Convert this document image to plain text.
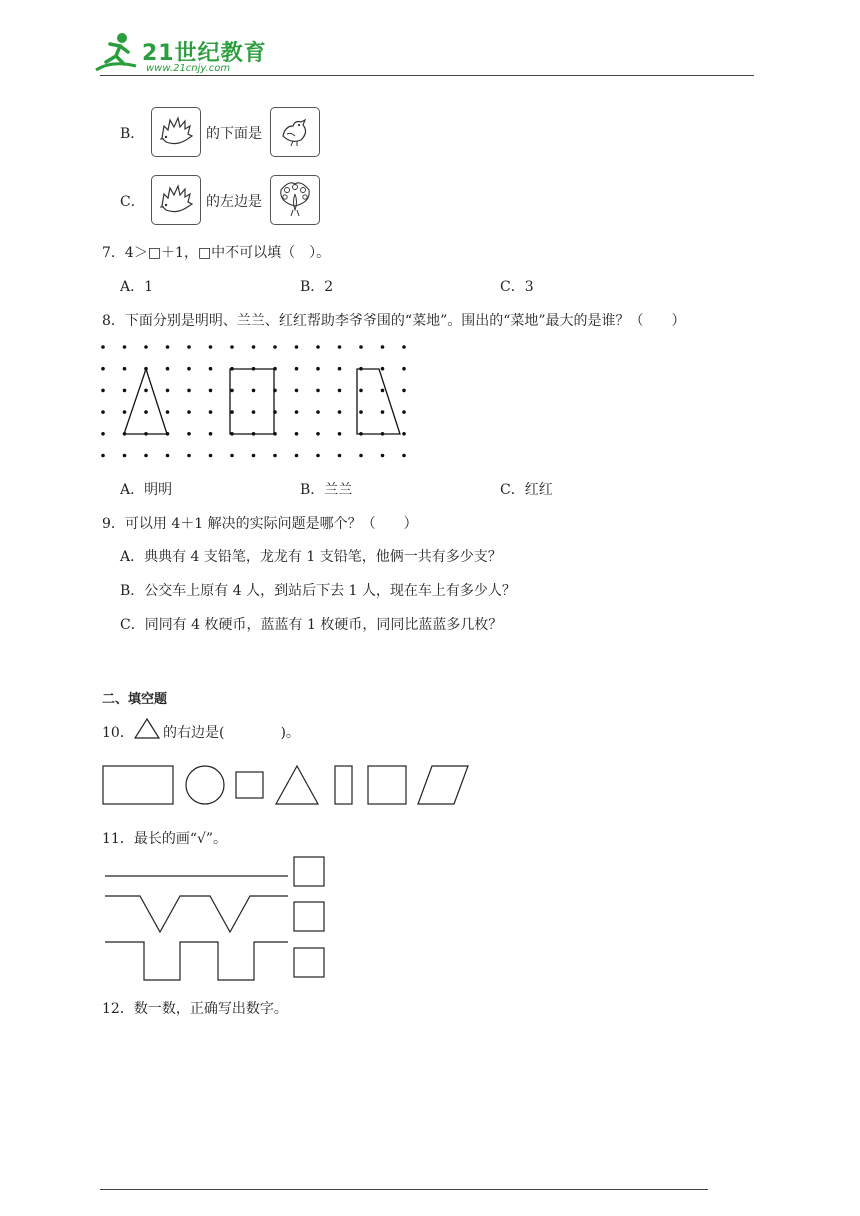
21世纪教育
www.21cnjy.com
B．	的下面是
C．	的左边是
7．4＞□＋1，□中不可以填（　）。
A．1	B．2	C．3
8．下面分别是明明、兰兰、红红帮助李爷爷围的“菜地”。围出的“菜地”最大的是谁？（　　）
A．明明	B．兰兰	C．红红
9．可以用 4＋1 解决的实际问题是哪个？（　　）
A．典典有 4 支铅笔，龙龙有 1 支铅笔，他俩一共有多少支？
B．公交车上原有 4 人，到站后下去 1 人，现在车上有多少人？
C．同同有 4 枚硬币，蓝蓝有 1 枚硬币，同同比蓝蓝多几枚？
二、填空题
10． 的右边是(　　　　)。
11．最长的画“√”。
12．数一数，正确写出数字。
